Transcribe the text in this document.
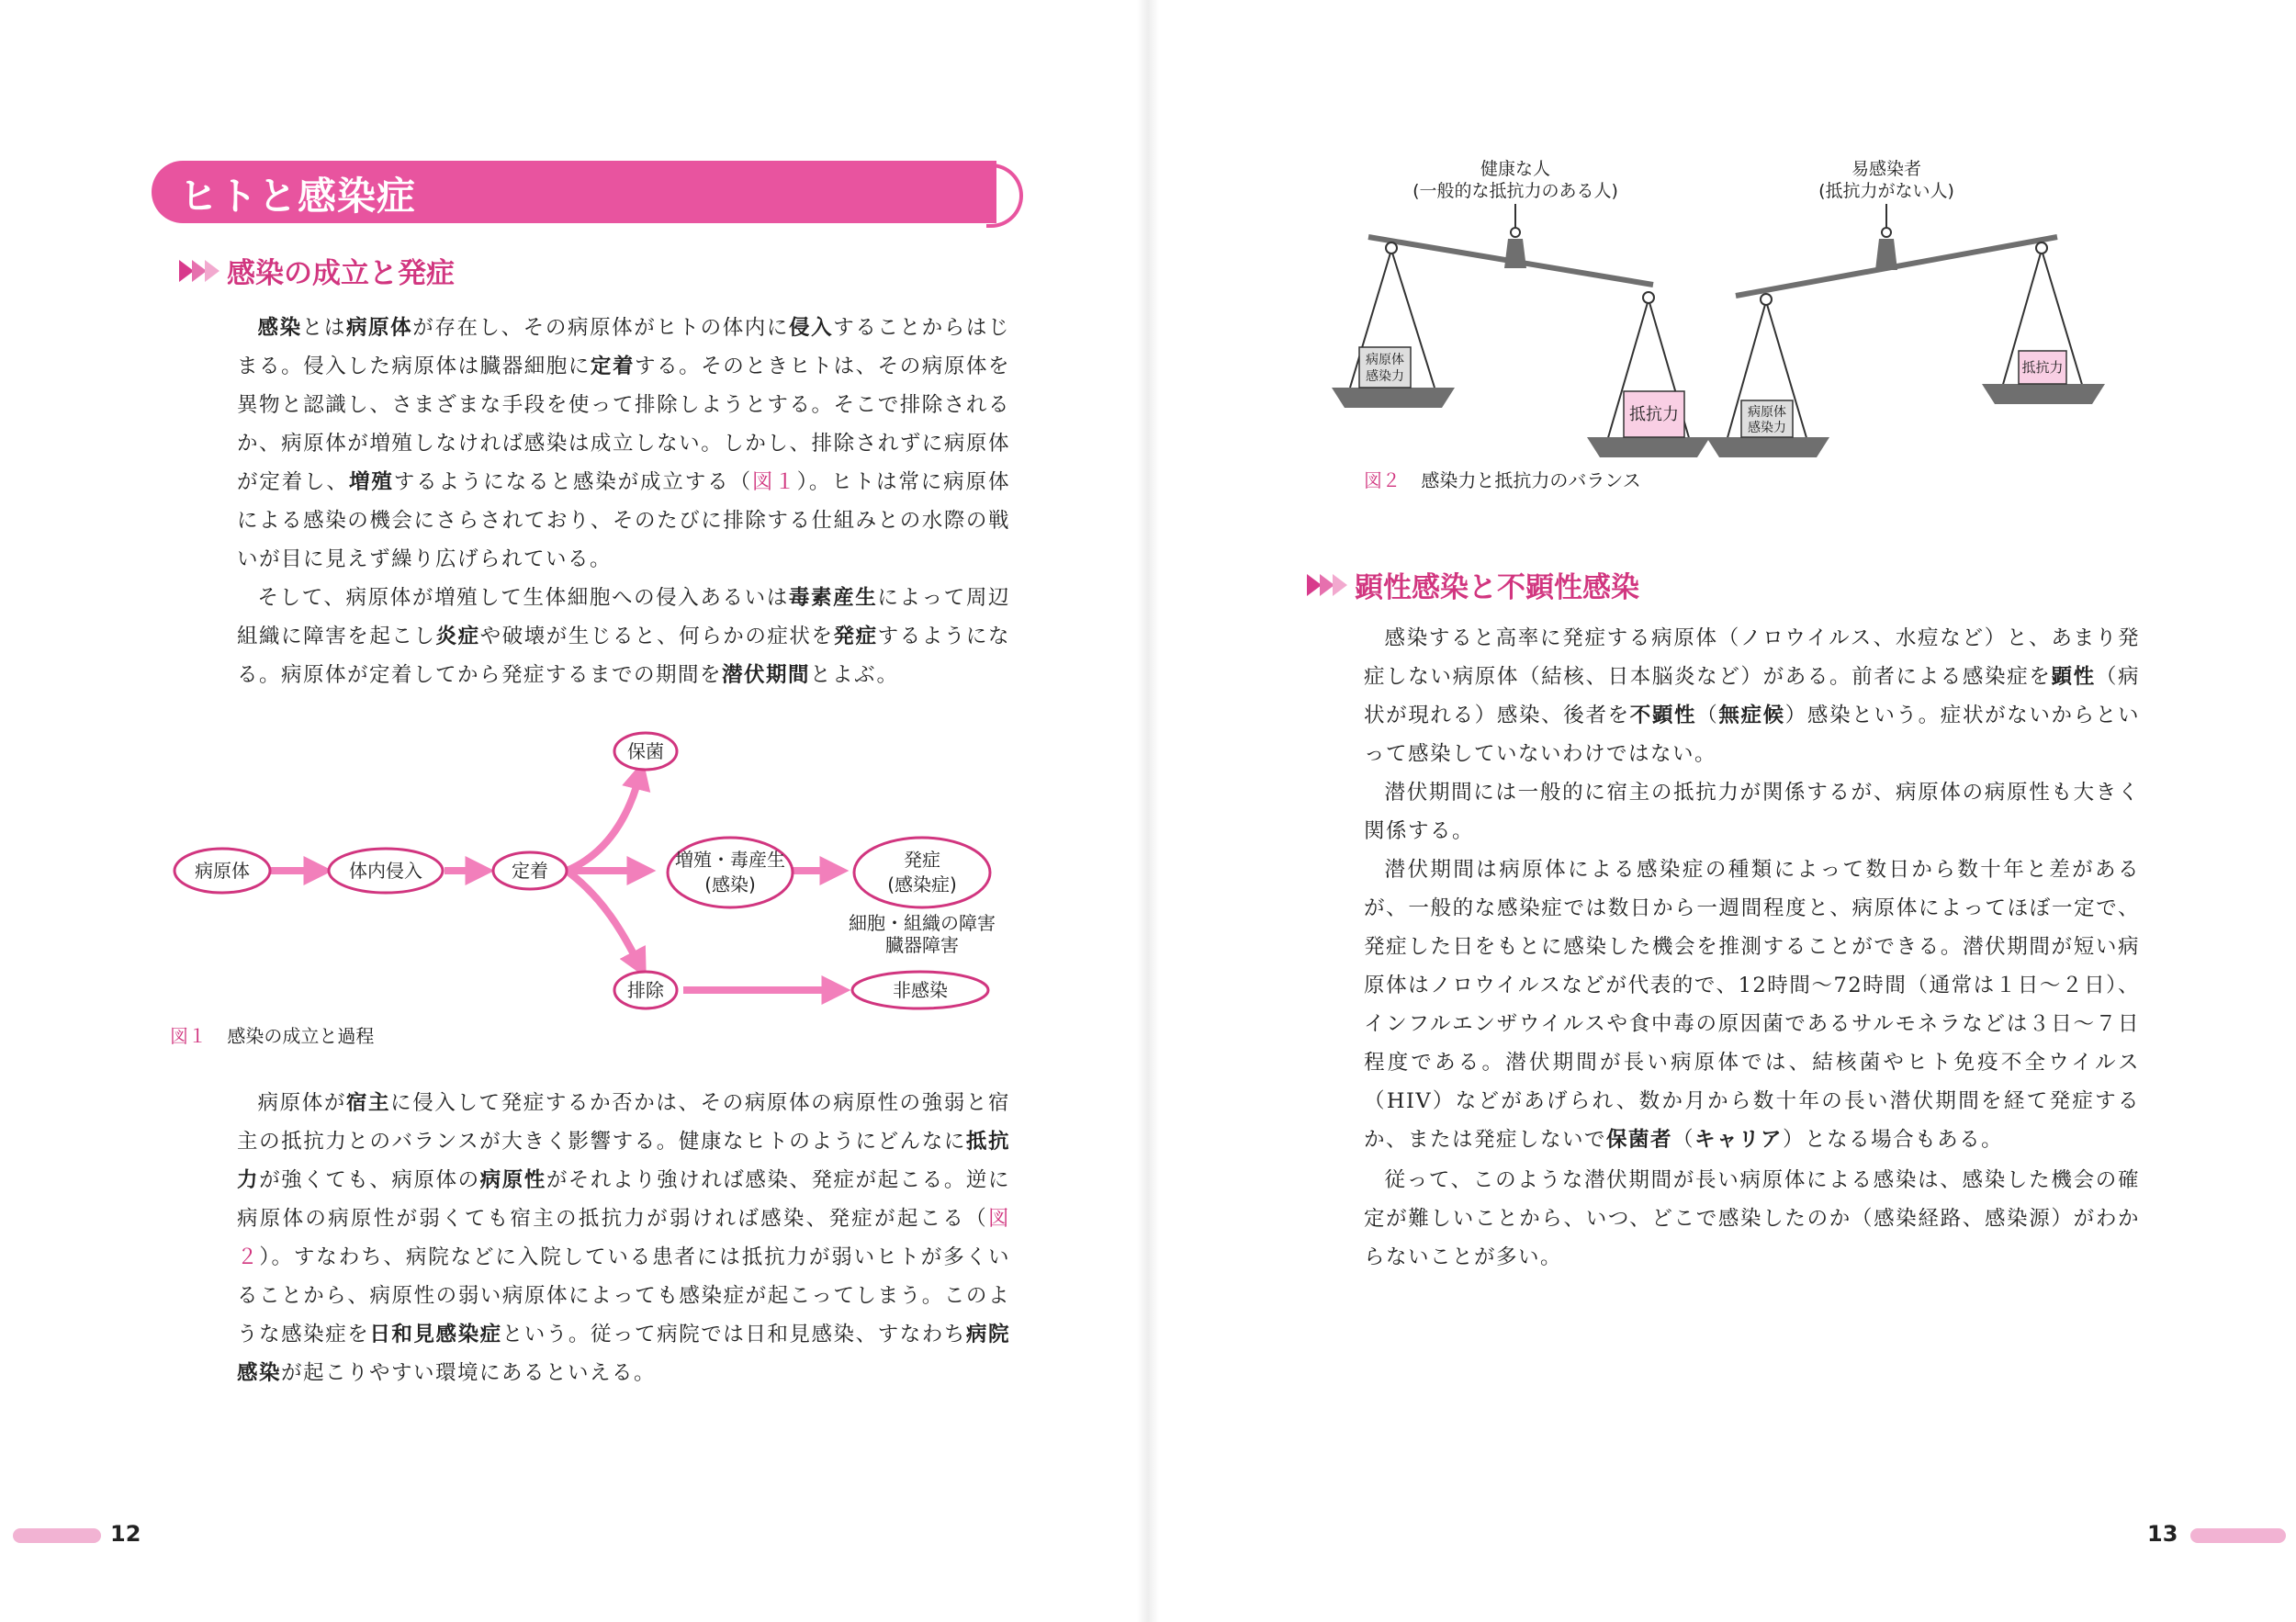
ヒトと感染症
感染の成立と発症

感染とは病原体が存在し、その病原体がヒトの体内に侵入することからはじまる。侵入した病原体は臓器細胞に定着する。そのときヒトは、その病原体を異物と認識し、さまざまな手段を使って排除しようとする。そこで排除されるか、病原体が増殖しなければ感染は成立しない。しかし、排除されずに病原体が定着し、増殖するようになると感染が成立する（図１）。ヒトは常に病原体による感染の機会にさらされており、そのたびに排除する仕組みとの水際の戦いが目に見えず繰り広げられている。

そして、病原体が増殖して生体細胞への侵入あるいは毒素産生によって周辺組織に障害を起こし炎症や破壊が生じると、何らかの症状を発症するようになる。病原体が定着してから発症するまでの期間を潜伏期間とよぶ。

病原体	体内侵入	定着
保菌
増殖・毒産生
(感染)
発症
(感染症)
排除	非感染
細胞・組織の障害
臓器障害
図１ 感染の成立と過程

病原体が宿主に侵入して発症するか否かは、その病原体の病原性の強弱と宿主の抵抗力とのバランスが大きく影響する。健康なヒトのようにどんなに抵抗力が強くても、病原体の病原性がそれより強ければ感染、発症が起こる。逆に病原体の病原性が弱くても宿主の抵抗力が弱ければ感染、発症が起こる（図２）。すなわち、病院などに入院している患者には抵抗力が弱いヒトが多くいることから、病原性の弱い病原体によっても感染症が起こってしまう。このような感染症を日和見感染症という。従って病院では日和見感染、すなわち病院感染が起こりやすい環境にあるといえる。

12
健康な人
(一般的な抵抗力のある人)
易感染者
(抵抗力がない人)
病原体
感染力
抵抗力	病原体
感染力
抵抗力
図２ 感染力と抵抗力のバランス
顕性感染と不顕性感染

感染すると高率に発症する病原体（ノロウイルス、水痘など）と、あまり発症しない病原体（結核、日本脳炎など）がある。前者による感染症を顕性（病状が現れる）感染、後者を不顕性（無症候）感染という。症状がないからといって感染していないわけではない。

潜伏期間には一般的に宿主の抵抗力が関係するが、病原体の病原性も大きく関係する。

潜伏期間は病原体による感染症の種類によって数日から数十年と差があるが、一般的な感染症では数日から一週間程度と、病原体によってほぼ一定で、発症した日をもとに感染した機会を推測することができる。潜伏期間が短い病原体はノロウイルスなどが代表的で、12時間〜72時間（通常は１日〜２日）、インフルエンザウイルスや食中毒の原因菌であるサルモネラなどは３日〜７日程度である。潜伏期間が長い病原体では、結核菌やヒト免疫不全ウイルス（HIV）などがあげられ、数か月から数十年の長い潜伏期間を経て発症するか、または発症しないで保菌者（キャリア）となる場合もある。

従って、このような潜伏期間が長い病原体による感染は、感染した機会の確定が難しいことから、いつ、どこで感染したのか（感染経路、感染源）がわからないことが多い。

13
